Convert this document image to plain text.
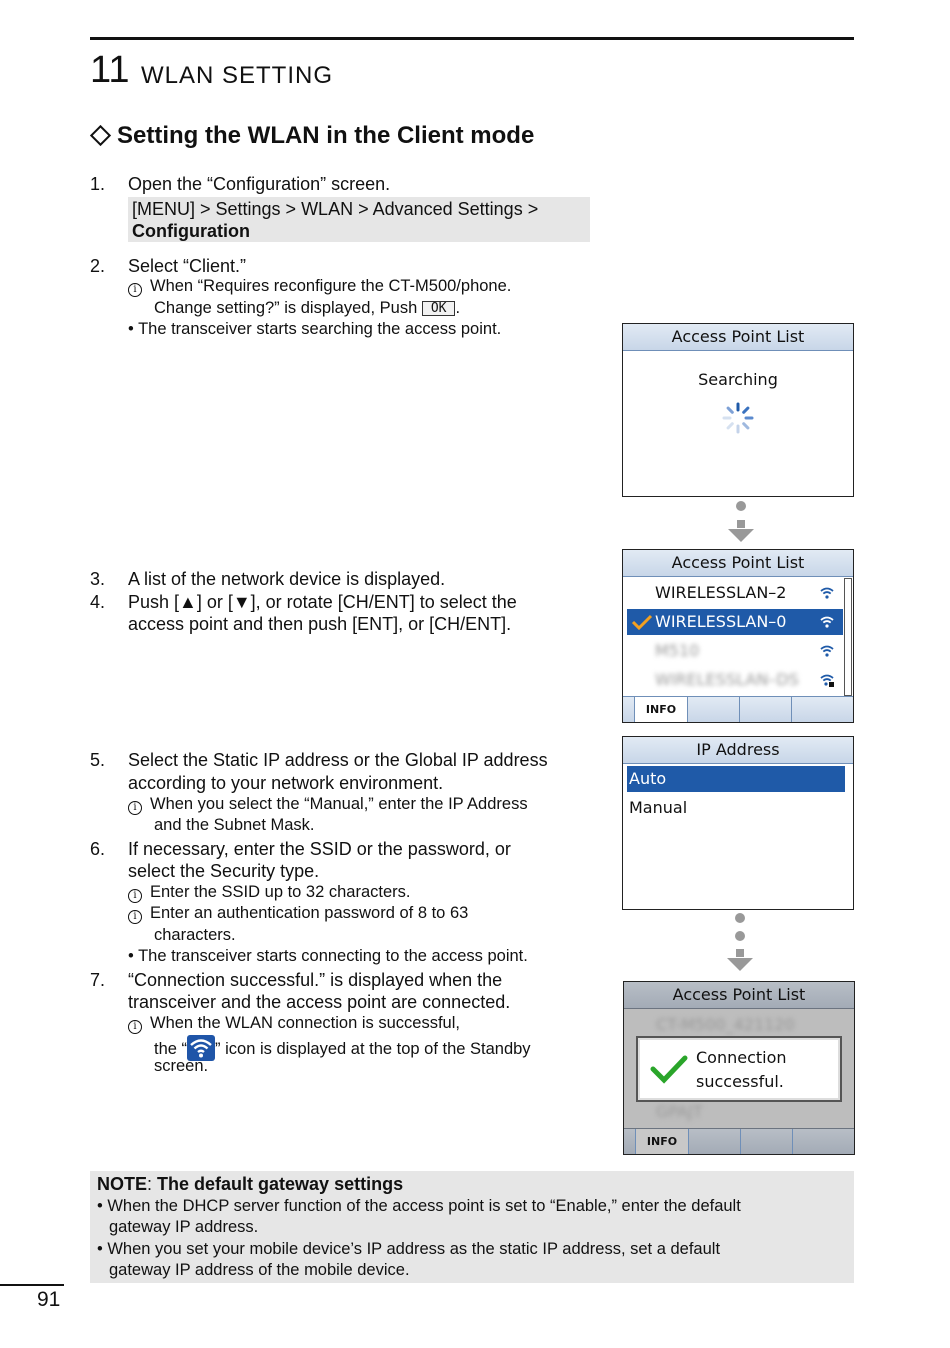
11 WLAN SETTING
Setting the WLAN in the Client mode
1. Open the “Configuration” screen.
[MENU] > Settings > WLAN > Advanced Settings >
Configuration
2. Select “Client.”
i When “Requires reconfigure the CT-M500/phone.
Change setting?” is displayed, Push OK .
• The transceiver starts searching the access point.
3. A list of the network device is displayed.
4. Push [▲] or [▼], or rotate [CH/ENT] to select the
access point and then push [ENT], or [CH/ENT].
5. Select the Static IP address or the Global IP address
according to your network environment.
i When you select the “Manual,” enter the IP Address
and the Subnet Mask.
6. If necessary, enter the SSID or the password, or
select the Security type.
i Enter the SSID up to 32 characters.
i Enter an authentication password of 8 to 63
characters.
• The transceiver starts connecting to the access point.
7. “Connection successful.” is displayed when the
transceiver and the access point are connected.
i When the WLAN connection is successful,
the “ ” icon is displayed at the top of the Standby
screen.
Access Point List
Searching
Access Point List
WIRELESSLAN–2
WIRELESSLAN–0
M510
WIRELESSLAN–DS
INFO
IP Address
Auto
Manual
Access Point List
CT-M500_421120
GPAJT
Connection
successful.
INFO
NOTE: The default gateway settings
• When the DHCP server function of the access point is set to “Enable,” enter the default
gateway IP address.
• When you set your mobile device’s IP address as the static IP address, set a default
gateway IP address of the mobile device.
91
